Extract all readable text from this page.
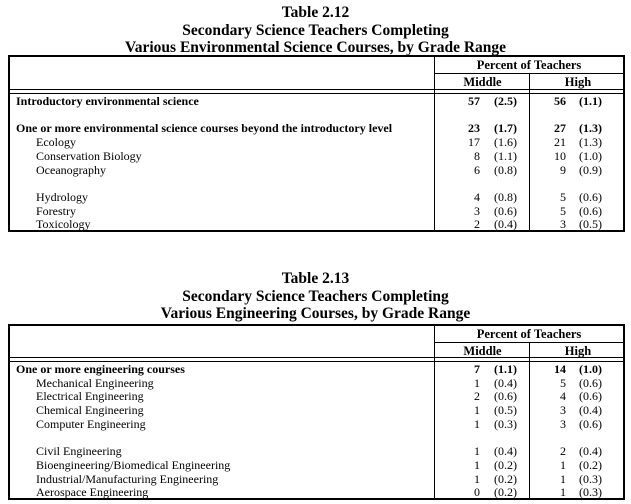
Table 2.12
Secondary Science Teachers Completing
Various Environmental Science Courses, by Grade Range
Percent of Teachers
Middle	High
Introductory environmental science	57 (2.5)	56 (1.1)
One or more environmental science courses beyond the introductory level	23 (1.7)	27 (1.3)
Ecology	17 (1.6)	21 (1.3)
Conservation Biology	8 (1.1)	10 (1.0)
Oceanography	6 (0.8)	9 (0.9)
Hydrology	4 (0.8)	5 (0.6)
Forestry	3 (0.6)	5 (0.6)
Toxicology	2 (0.4)	3 (0.5)
Table 2.13
Secondary Science Teachers Completing
Various Engineering Courses, by Grade Range
Percent of Teachers
Middle	High
One or more engineering courses	7 (1.1)	14 (1.0)
Mechanical Engineering	1 (0.4)	5 (0.6)
Electrical Engineering	2 (0.6)	4 (0.6)
Chemical Engineering	1 (0.5)	3 (0.4)
Computer Engineering	1 (0.3)	3 (0.6)
Civil Engineering	1 (0.4)	2 (0.4)
Bioengineering/Biomedical Engineering	1 (0.2)	1 (0.2)
Industrial/Manufacturing Engineering	1 (0.2)	1 (0.3)
Aerospace Engineering	0 (0.2)	1 (0.3)
